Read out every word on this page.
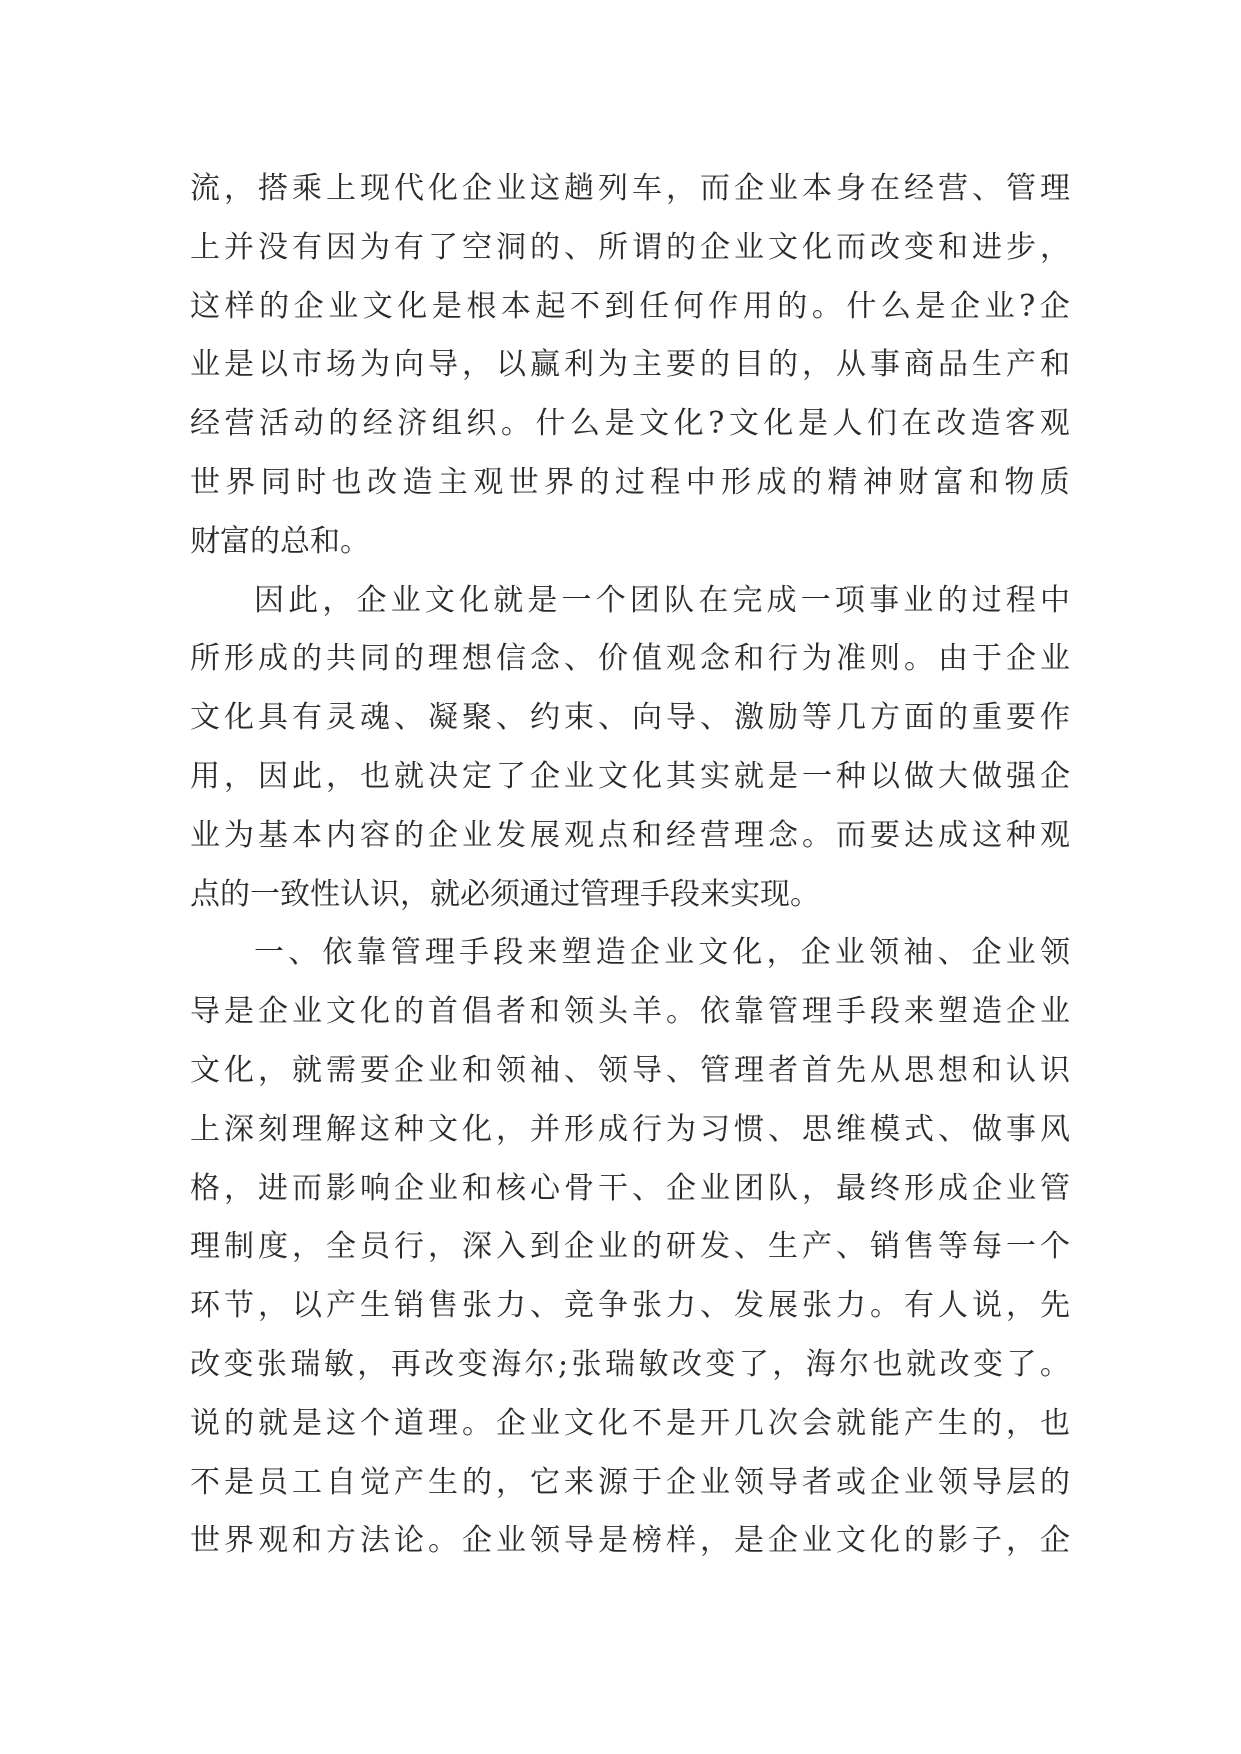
流 ， 搭 乘 上 现 代 化 企 业 这 趟 列 车 ， 而 企 业 本 身 在 经 营 、 管 理
上 并 没 有 因 为 有 了 空 洞 的 、 所 谓 的 企 业 文 化 而 改 变 和 进 步 ，
这 样 的 企 业 文 化 是 根 本 起 不 到 任 何 作 用 的 。 什 么 是 企 业 ? 企
业 是 以 市 场 为 向 导 ， 以 赢 利 为 主 要 的 目 的 ， 从 事 商 品 生 产 和
经 营 活 动 的 经 济 组 织 。 什 么 是 文 化 ? 文 化 是 人 们 在 改 造 客 观
世 界 同 时 也 改 造 主 观 世 界 的 过 程 中 形 成 的 精 神 财 富 和 物 质
财 富 的 总 和 。
因 此 ， 企 业 文 化 就 是 一 个 团 队 在 完 成 一 项 事 业 的 过 程 中
所 形 成 的 共 同 的 理 想 信 念 、 价 值 观 念 和 行 为 准 则 。 由 于 企 业
文 化 具 有 灵 魂 、 凝 聚 、 约 束 、 向 导 、 激 励 等 几 方 面 的 重 要 作
用 ， 因 此 ， 也 就 决 定 了 企 业 文 化 其 实 就 是 一 种 以 做 大 做 强 企
业 为 基 本 内 容 的 企 业 发 展 观 点 和 经 营 理 念 。 而 要 达 成 这 种 观
点 的 一 致 性 认 识 ， 就 必 须 通 过 管 理 手 段 来 实 现 。
一 、 依 靠 管 理 手 段 来 塑 造 企 业 文 化 ， 企 业 领 袖 、 企 业 领
导 是 企 业 文 化 的 首 倡 者 和 领 头 羊 。 依 靠 管 理 手 段 来 塑 造 企 业
文 化 ， 就 需 要 企 业 和 领 袖 、 领 导 、 管 理 者 首 先 从 思 想 和 认 识
上 深 刻 理 解 这 种 文 化 ， 并 形 成 行 为 习 惯 、 思 维 模 式 、 做 事 风
格 ， 进 而 影 响 企 业 和 核 心 骨 干 、 企 业 团 队 ， 最 终 形 成 企 业 管
理 制 度 ， 全 员 行 ， 深 入 到 企 业 的 研 发 、 生 产 、 销 售 等 每 一 个
环 节 ， 以 产 生 销 售 张 力 、 竞 争 张 力 、 发 展 张 力 。 有 人 说 ， 先
改 变 张 瑞 敏 ， 再 改 变 海 尔 ; 张 瑞 敏 改 变 了 ， 海 尔 也 就 改 变 了 。
说 的 就 是 这 个 道 理 。 企 业 文 化 不 是 开 几 次 会 就 能 产 生 的 ， 也
不 是 员 工 自 觉 产 生 的 ， 它 来 源 于 企 业 领 导 者 或 企 业 领 导 层 的
世 界 观 和 方 法 论 。 企 业 领 导 是 榜 样 ， 是 企 业 文 化 的 影 子 ， 企
